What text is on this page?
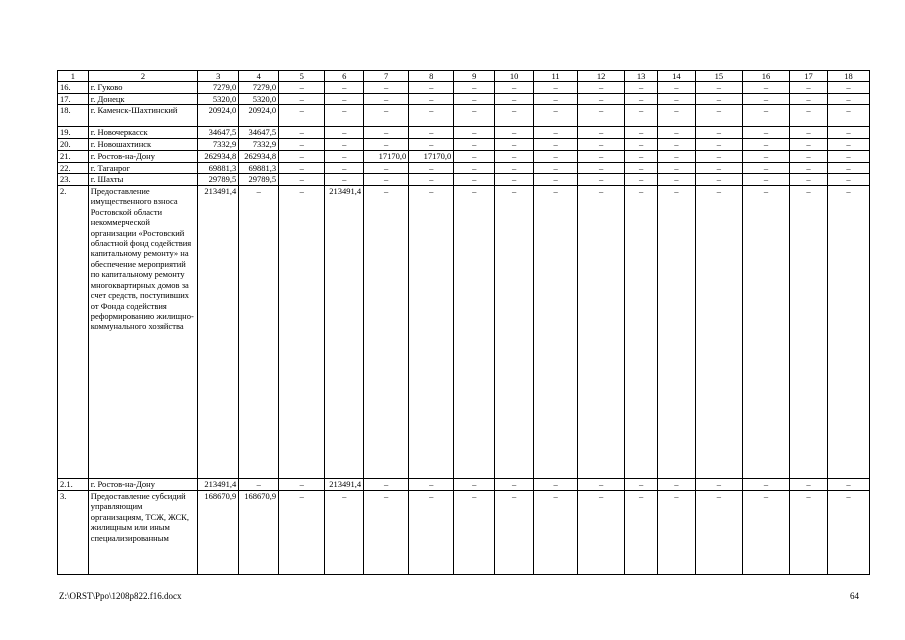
1	2	3	4	5	6	7	8	9	10	11	12	13	14	15	16	17	18
16.	г. Гуково	7279,0	7279,0	–	–	–	–	–	–	–	–	–	–	–	–	–	–
17.	г. Донецк	5320,0	5320,0	–	–	–	–	–	–	–	–	–	–	–	–	–	–
18.	г. Каменск-Шахтинский	20924,0	20924,0	–	–	–	–	–	–	–	–	–	–	–	–	–	–
19.	г. Новочеркасск	34647,5	34647,5	–	–	–	–	–	–	–	–	–	–	–	–	–	–
20.	г. Новошахтинск	7332,9	7332,9	–	–	–	–	–	–	–	–	–	–	–	–	–	–
21.	г. Ростов-на-Дону	262934,8	262934,8	–	–	17170,0	17170,0	–	–	–	–	–	–	–	–	–	–
22.	г. Таганрог	69881,3	69881,3	–	–	–	–	–	–	–	–	–	–	–	–	–	–
23.	г. Шахты	29789,5	29789,5	–	–	–	–	–	–	–	–	–	–	–	–	–	–
2.	Предоставление имущественного взноса Ростовской области некоммерческой организации «Ростовский областной фонд содействия капитальному ремонту» на обеспечение мероприятий по капитальному ремонту многоквартирных домов за счет средств, поступивших от Фонда содействия реформированию жилищно-коммунального хозяйства	213491,4	–	–	213491,4	–	–	–	–	–	–	–	–	–	–	–	–
2.1.	г. Ростов-на-Дону	213491,4	–	–	213491,4	–	–	–	–	–	–	–	–	–	–	–	–
3.	Предоставление субсидий управляющим организациям, ТСЖ, ЖСК, жилищным или иным специализированным	168670,9	168670,9	–	–	–	–	–	–	–	–	–	–	–	–	–	–
Z:\ORST\Ppo\1208p822.f16.docx	64
